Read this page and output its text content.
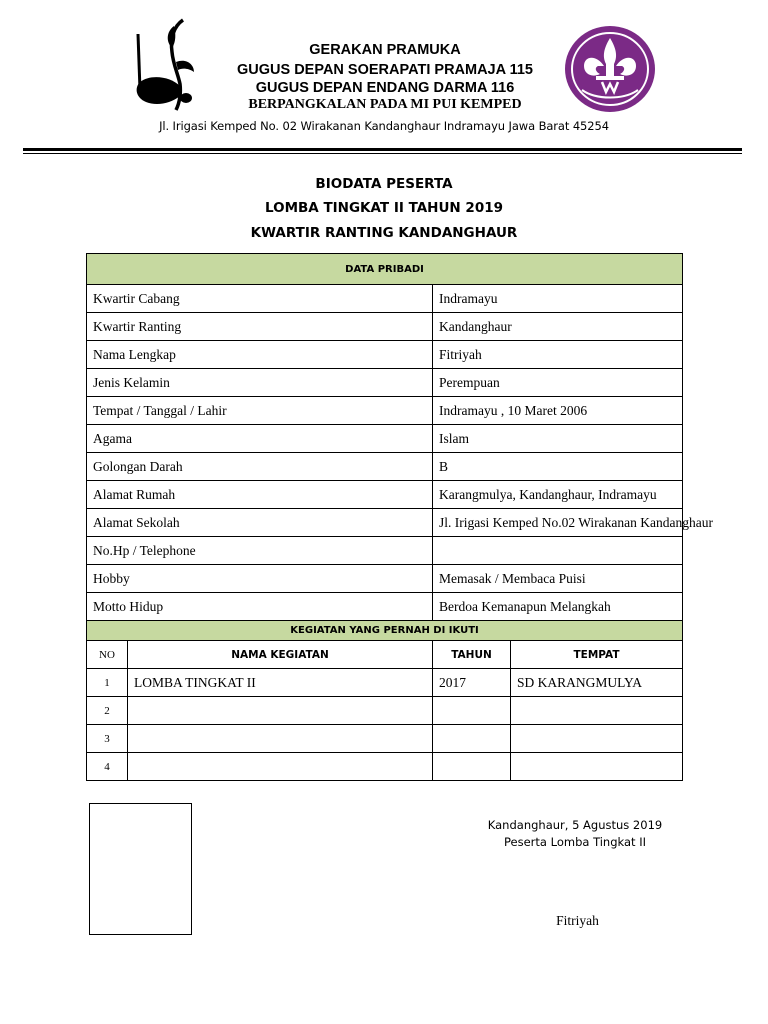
GERAKAN PRAMUKA
GUGUS DEPAN SOERAPATI PRAMAJA 115
GUGUS DEPAN ENDANG DARMA 116
BERPANGKALAN PADA MI PUI KEMPED
Jl. Irigasi Kemped No. 02 Wirakanan Kandanghaur Indramayu Jawa Barat 45254
BIODATA PESERTA
LOMBA TINGKAT II TAHUN 2019
KWARTIR RANTING KANDANGHAUR
DATA PRIBADI			
Kwartir Cabang		Indramayu	
Kwartir Ranting		Kandanghaur	
Nama Lengkap		Fitriyah	
Jenis Kelamin		Perempuan	
Tempat / Tanggal / Lahir		Indramayu , 10 Maret 2006	
Agama		Islam	
Golongan Darah		B	
Alamat Rumah		Karangmulya, Kandanghaur, Indramayu	
Alamat Sekolah		Jl. Irigasi Kemped No.02 Wirakanan Kandanghaur	
No.Hp / Telephone			
Hobby		Memasak / Membaca Puisi	
Motto Hidup		Berdoa Kemanapun Melangkah	
KEGIATAN YANG PERNAH DI IKUTI			
NO	NAMA KEGIATAN	TAHUN	TEMPAT
1	LOMBA TINGKAT II	2017	SD KARANGMULYA
2			
3			
4			
Kandanghaur, 5 Agustus 2019
Peserta Lomba Tingkat II
Fitriyah
